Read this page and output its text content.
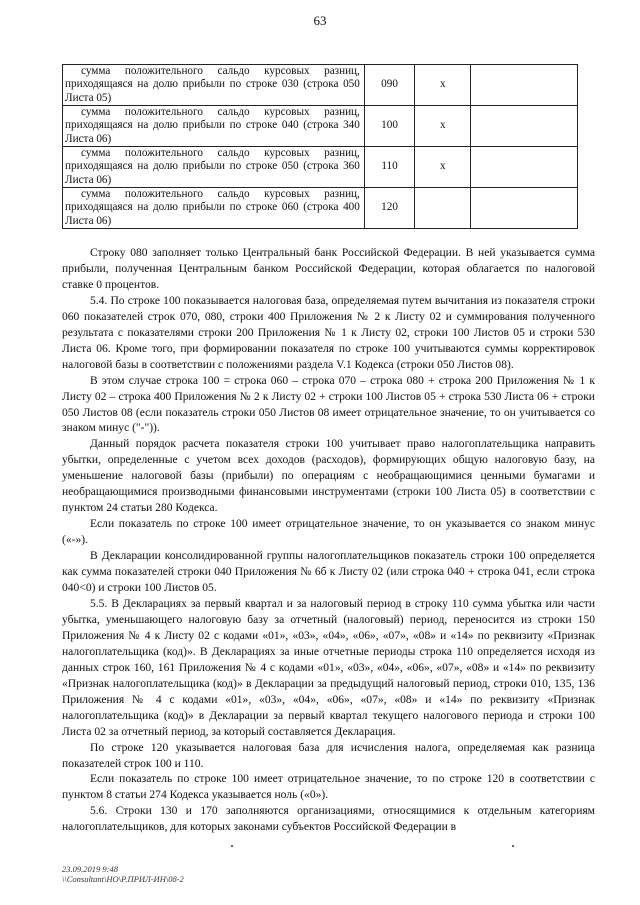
63
сумма положительного сальдо курсовых разниц, приходящаяся на долю прибыли по строке 030 (строка 050 Листа 05)	090	x	
сумма положительного сальдо курсовых разниц, приходящаяся на долю прибыли по строке 040 (строка 340 Листа 06)	100	x	
сумма положительного сальдо курсовых разниц, приходящаяся на долю прибыли по строке 050 (строка 360 Листа 06)	110	x	
сумма положительного сальдо курсовых разниц, приходящаяся на долю прибыли по строке 060 (строка 400 Листа 06)	120		

Строку 080 заполняет только Центральный банк Российской Федерации. В ней указывается сумма прибыли, полученная Центральным банком Российской Федерации, которая облагается по налоговой ставке 0 процентов.

5.4. По строке 100 показывается налоговая база, определяемая путем вычитания из показателя строки 060 показателей строк 070, 080, строки 400 Приложения № 2 к Листу 02 и суммирования полученного результата с показателями строки 200 Приложения № 1 к Листу 02, строки 100 Листов 05 и строки 530 Листа 06. Кроме того, при формировании показателя по строке 100 учитываются суммы корректировок налоговой базы в соответствии с положениями раздела V.1 Кодекса (строки 050 Листов 08).

В этом случае строка 100 = строка 060 – строка 070 – строка 080 + строка 200 Приложения № 1 к Листу 02 – строка 400 Приложения № 2 к Листу 02 + строки 100 Листов 05 + строка 530 Листа 06 + строки 050 Листов 08 (если показатель строки 050 Листов 08 имеет отрицательное значение, то он учитывается со знаком минус ("-")).

Данный порядок расчета показателя строки 100 учитывает право налогоплательщика направить убытки, определенные с учетом всех доходов (расходов), формирующих общую налоговую базу, на уменьшение налоговой базы (прибыли) по операциям с необращающимися ценными бумагами и необращающимися производными финансовыми инструментами (строки 100 Листа 05) в соответствии с пунктом 24 статьи 280 Кодекса.

Если показатель по строке 100 имеет отрицательное значение, то он указывается со знаком минус («-»).

В Декларации консолидированной группы налогоплательщиков показатель строки 100 определяется как сумма показателей строки 040 Приложения № 6б к Листу 02 (или строка 040 + строка 041, если строка 040<0) и строки 100 Листов 05.

5.5. В Декларациях за первый квартал и за налоговый период в строку 110 сумма убытка или части убытка, уменьшающего налоговую базу за отчетный (налоговый) период, переносится из строки 150 Приложения № 4 к Листу 02 с кодами «01», «03», «04», «06», «07», «08» и «14» по реквизиту «Признак налогоплательщика (код)». В Декларациях за иные отчетные периоды строка 110 определяется исходя из данных строк 160, 161 Приложения № 4 с кодами «01», «03», «04», «06», «07», «08» и «14» по реквизиту «Признак налогоплательщика (код)» в Декларации за предыдущий налоговый период, строки 010, 135, 136 Приложения № 4 с кодами «01», «03», «04», «06», «07», «08» и «14» по реквизиту «Признак налогоплательщика (код)» в Декларации за первый квартал текущего налогового периода и строки 100 Листа 02 за отчетный период, за который составляется Декларация.

По строке 120 указывается налоговая база для исчисления налога, определяемая как разница показателей строк 100 и 110.

Если показатель по строке 100 имеет отрицательное значение, то по строке 120 в соответствии с пунктом 8 статьи 274 Кодекса указывается ноль («0»).

5.6. Строки 130 и 170 заполняются организациями, относящимися к отдельным категориям налогоплательщиков, для которых законами субъектов Российской Федерации в

23.09.2019 9:48
\\Consultant\НО\Р.ПРИЛ-ИН\08-2
